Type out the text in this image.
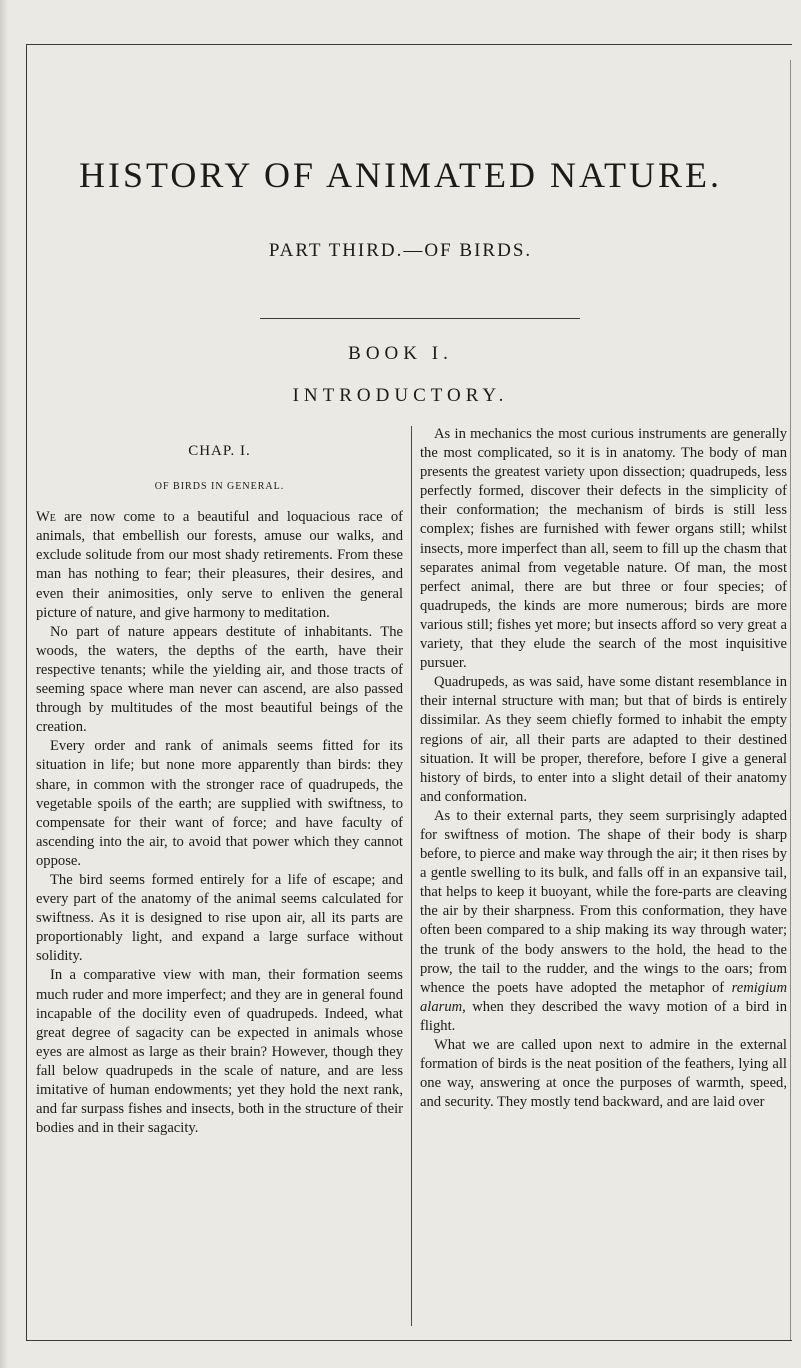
HISTORY OF ANIMATED NATURE.
PART THIRD.—OF BIRDS.
BOOK I.
INTRODUCTORY.
CHAP. I.
OF BIRDS IN GENERAL.

We are now come to a beautiful and loquacious race of animals, that embellish our forests, amuse our walks, and exclude solitude from our most shady retirements. From these man has nothing to fear; their pleasures, their desires, and even their animosities, only serve to enliven the general picture of nature, and give harmony to meditation.

No part of nature appears destitute of inhabitants. The woods, the waters, the depths of the earth, have their respective tenants; while the yielding air, and those tracts of seeming space where man never can ascend, are also passed through by multitudes of the most beautiful beings of the creation.

Every order and rank of animals seems fitted for its situation in life; but none more apparently than birds: they share, in common with the stronger race of quadrupeds, the vegetable spoils of the earth; are supplied with swiftness, to compensate for their want of force; and have faculty of ascending into the air, to avoid that power which they cannot oppose.

The bird seems formed entirely for a life of escape; and every part of the anatomy of the animal seems calculated for swiftness. As it is designed to rise upon air, all its parts are proportionably light, and expand a large surface without solidity.

In a comparative view with man, their formation seems much ruder and more imperfect; and they are in general found incapable of the docility even of quadrupeds. Indeed, what great degree of sagacity can be expected in animals whose eyes are almost as large as their brain? However, though they fall below quadrupeds in the scale of nature, and are less imitative of human endowments; yet they hold the next rank, and far surpass fishes and insects, both in the structure of their bodies and in their sagacity.

As in mechanics the most curious instruments are generally the most complicated, so it is in anatomy. The body of man presents the greatest variety upon dissection; quadrupeds, less perfectly formed, discover their defects in the simplicity of their conformation; the mechanism of birds is still less complex; fishes are furnished with fewer organs still; whilst insects, more imperfect than all, seem to fill up the chasm that separates animal from vegetable nature. Of man, the most perfect animal, there are but three or four species; of quadrupeds, the kinds are more numerous; birds are more various still; fishes yet more; but insects afford so very great a variety, that they elude the search of the most inquisitive pursuer.

Quadrupeds, as was said, have some distant resemblance in their internal structure with man; but that of birds is entirely dissimilar. As they seem chiefly formed to inhabit the empty regions of air, all their parts are adapted to their destined situation. It will be proper, therefore, before I give a general history of birds, to enter into a slight detail of their anatomy and conformation.

As to their external parts, they seem surprisingly adapted for swiftness of motion. The shape of their body is sharp before, to pierce and make way through the air; it then rises by a gentle swelling to its bulk, and falls off in an expansive tail, that helps to keep it buoyant, while the fore-parts are cleaving the air by their sharpness. From this conformation, they have often been compared to a ship making its way through water; the trunk of the body answers to the hold, the head to the prow, the tail to the rudder, and the wings to the oars; from whence the poets have adopted the metaphor of remigium alarum, when they described the wavy motion of a bird in flight.

What we are called upon next to admire in the external formation of birds is the neat position of the feathers, lying all one way, answering at once the purposes of warmth, speed, and security. They mostly tend backward, and are laid over
